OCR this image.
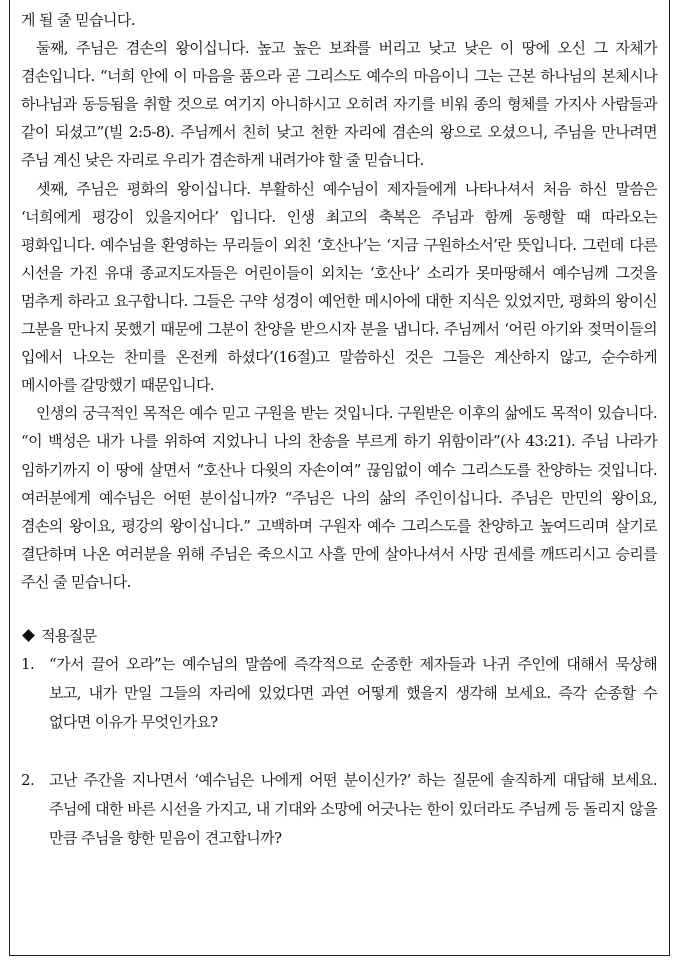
게 될 줄 믿습니다.

둘째, 주님은 겸손의 왕이십니다. 높고 높은 보좌를 버리고 낮고 낮은 이 땅에 오신 그 자체가 겸손입니다. “너희 안에 이 마음을 품으라 곧 그리스도 예수의 마음이니 그는 근본 하나님의 본체시나 하나님과 동등됨을 취할 것으로 여기지 아니하시고 오히려 자기를 비워 종의 형체를 가지사 사람들과 같이 되셨고”(빌 2:5-8). 주님께서 친히 낮고 천한 자리에 겸손의 왕으로 오셨으니, 주님을 만나려면 주님 계신 낮은 자리로 우리가 겸손하게 내려가야 할 줄 믿습니다.

셋째, 주님은 평화의 왕이십니다. 부활하신 예수님이 제자들에게 나타나셔서 처음 하신 말씀은 ‘너희에게 평강이 있을지어다’ 입니다. 인생 최고의 축복은 주님과 함께 동행할 때 따라오는 평화입니다. 예수님을 환영하는 무리들이 외친 ‘호산나’는 ‘지금 구원하소서’란 뜻입니다. 그런데 다른 시선을 가진 유대 종교지도자들은 어린이들이 외치는 ‘호산나’ 소리가 못마땅해서 예수님께 그것을 멈추게 하라고 요구합니다. 그들은 구약 성경이 예언한 메시아에 대한 지식은 있었지만, 평화의 왕이신 그분을 만나지 못했기 때문에 그분이 찬양을 받으시자 분을 냅니다. 주님께서 ‘어린 아기와 젖먹이들의 입에서 나오는 찬미를 온전케 하셨다’(16절)고 말씀하신 것은 그들은 계산하지 않고, 순수하게 메시아를 갈망했기 때문입니다.

인생의 궁극적인 목적은 예수 믿고 구원을 받는 것입니다. 구원받은 이후의 삶에도 목적이 있습니다. “이 백성은 내가 나를 위하여 지었나니 나의 찬송을 부르게 하기 위함이라”(사 43:21). 주님 나라가 임하기까지 이 땅에 살면서 “호산나 다윗의 자손이여” 끊임없이 예수 그리스도를 찬양하는 것입니다. 여러분에게 예수님은 어떤 분이십니까? “주님은 나의 삶의 주인이십니다. 주님은 만민의 왕이요, 겸손의 왕이요, 평강의 왕이십니다.” 고백하며 구원자 예수 그리스도를 찬양하고 높여드리며 살기로 결단하며 나온 여러분을 위해 주님은 죽으시고 사흘 만에 살아나셔서 사망 권세를 깨뜨리시고 승리를 주신 줄 믿습니다.

적용질문

1. “가서 끌어 오라”는 예수님의 말씀에 즉각적으로 순종한 제자들과 나귀 주인에 대해서 묵상해 보고, 내가 만일 그들의 자리에 있었다면 과연 어떻게 했을지 생각해 보세요. 즉각 순종할 수 없다면 이유가 무엇인가요?
2. 고난 주간을 지나면서 ‘예수님은 나에게 어떤 분이신가?’ 하는 질문에 솔직하게 대답해 보세요. 주님에 대한 바른 시선을 가지고, 내 기대와 소망에 어긋나는 한이 있더라도 주님께 등 돌리지 않을 만큼 주님을 향한 믿음이 견고합니까?
